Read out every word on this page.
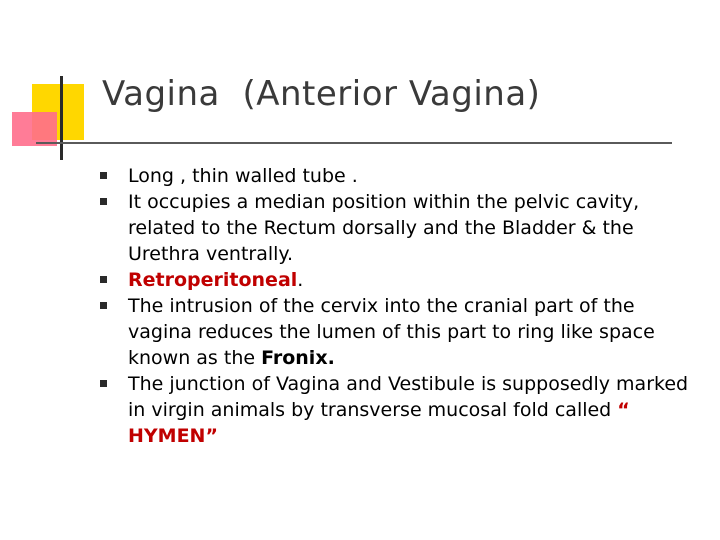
Vagina  (Anterior Vagina)
Long , thin walled tube .
It occupies a median position within the pelvic cavity, related to the Rectum dorsally and the Bladder & the Urethra ventrally.
Retroperitoneal.
The intrusion of the cervix into the cranial part of the vagina reduces the lumen of this part to ring like space known as the Fronix.
The junction of Vagina and Vestibule is supposedly marked in virgin animals by transverse mucosal fold called “ HYMEN”
